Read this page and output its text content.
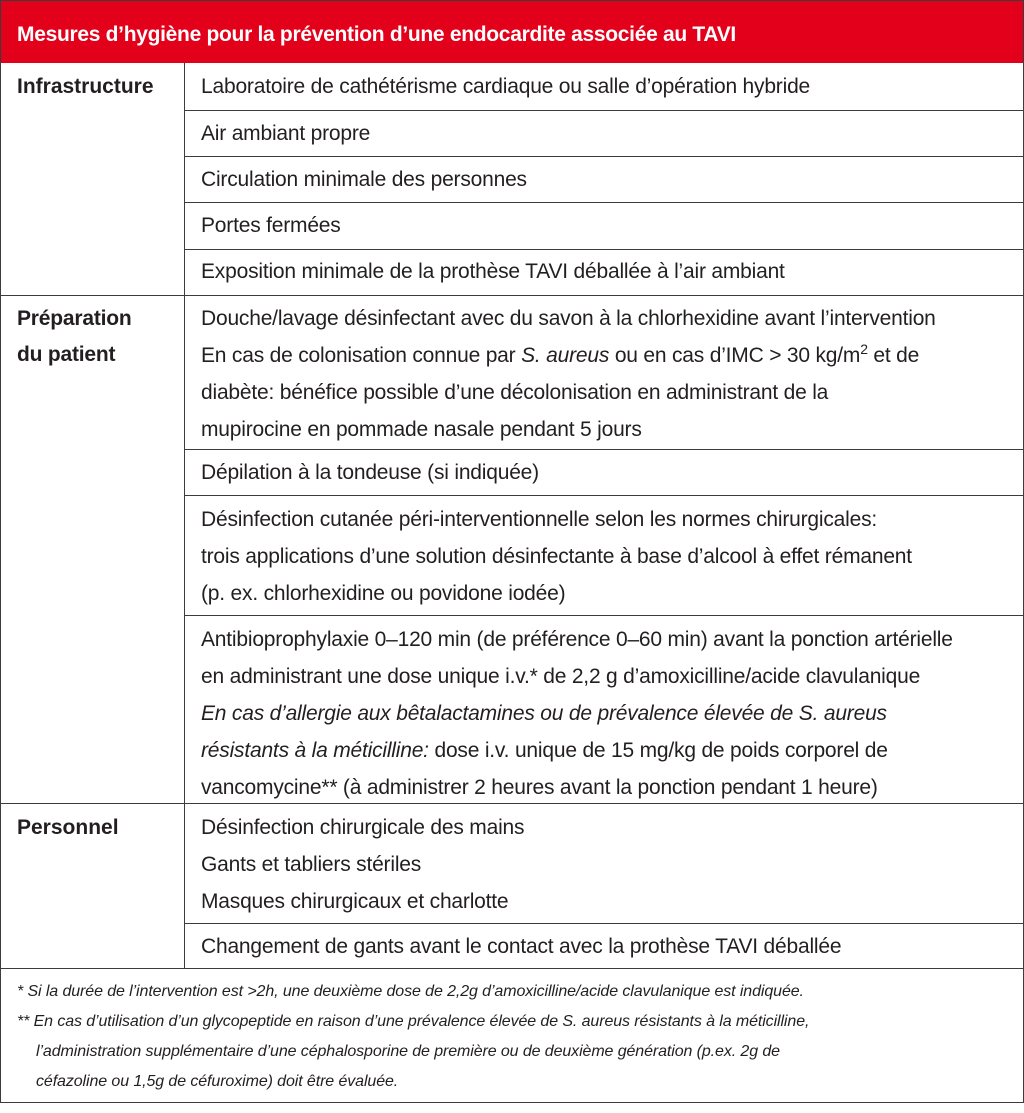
Mesures d’hygiène pour la prévention d’une endocardite associée au TAVI
Infrastructure Laboratoire de cathétérisme cardiaque ou salle d’opération hybride
Air ambiant propre
Circulation minimale des personnes
Portes fermées
Exposition minimale de la prothèse TAVI déballée à l’air ambiant
Préparation
du patient
Douche/lavage désinfectant avec du savon à la chlorhexidine avant l’intervention
En cas de colonisation connue par S. aureus ou en cas d’IMC > 30 $kg/m^2$ et de
diabète: bénéfice possible d’une décolonisation en administrant de la
mupirocine en pommade nasale pendant 5 jours
Dépilation à la tondeuse (si indiquée)
Désinfection cutanée péri-interventionnelle selon les normes chirurgicales:
trois applications d’une solution désinfectante à base d’alcool à effet rémanent
(p. ex. chlorhexidine ou povidone iodée)
Antibioprophylaxie 0–120 min (de préférence 0–60 min) avant la ponction artérielle
en administrant une dose unique i.v.* de 2,2 g d’amoxicilline/acide clavulanique
En cas d’allergie aux bêtalactamines ou de prévalence élevée de S. aureus
résistants à la méticilline: dose i.v. unique de 15 mg/kg de poids corporel de
vancomycine** (à administrer 2 heures avant la ponction pendant 1 heure)
Personnel	Désinfection chirurgicale des mains
Gants et tabliers stériles
Masques chirurgicaux et charlotte
Changement de gants avant le contact avec la prothèse TAVI déballée
* Si la durée de l’intervention est >2h, une deuxième dose de 2,2g d’amoxicilline/acide clavulanique est indiquée.
** En cas d’utilisation d’un glycopeptide en raison d’une prévalence élevée de S. aureus résistants à la méticilline,
l’administration supplémentaire d’une céphalosporine de première ou de deuxième génération (p.ex. 2g de
céfazoline ou 1,5g de céfuroxime) doit être évaluée.
